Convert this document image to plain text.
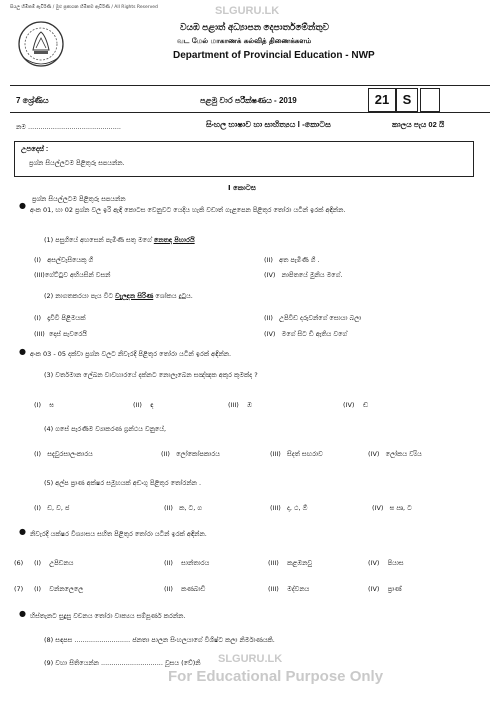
සියලු හිමිකම් ඇවිරිණි / මුළු ප්‍රකාශන හිමිකම ඇවිරිණි / All Rights Reserved	SLGURU.LK
වයඹ පළාත් අධ්‍යාපන දෙපාර්තමේන්තුව
வட மேல் மாகாணக் கல்வித் திணைக்களம்
Department of Provincial Education - NWP
7 ශ්‍රේණිය	පළමු වාර පරීක්ෂණය - 2019	21	S
නම .............................................	සිංහල භාෂාව හා සාහිත්‍යය I -කොටස	කාලය පැය 02 යි
උපදෙස් :
ප්‍රශ්න සියල්ලටම පිළිතුරු සපයන්න.
I කොටස
ප්‍රශ්න සියල්ලටම පිළිතුරු සපයන්න
● අංක 01, හා 02 ප්‍රශ්න වල ඉරි ඇඳි කොටස වෙනුවට යෙදිය හැකි වඩාත් ගැළපෙන පිළිතුර තෝරා යටින් ඉරක් අඳින්න.
(1) පසුගියේ අහසෙන් පැමිණි සතු මගේ නෙතඳ පිහාරයි
(I) අසල්වැසියෙකු ගී	(II) අත පැමිණි ගී .
(III)ගේට්ටුව අභියසින් වසන්	(IV) නාපිතයේ මුනිය මගේ.
(2) නාගතකරයා පැය විට වැලඳන සිරිණ ශෝකය දුටුය.
(I) දෑවිවි පිළිමයක්	(II) උපිවිඩ දරුවන්ගේ සොයා බලා
(III) දොස් පැවරෙයි	(IV) මගේ සිට ඩී ඇතිය වගේ
● අංක 03 - 05 දක්වා ප්‍රශ්න වලට නිවැරදි පිළිතුර තෝරා යටින් ඉරක් අඳින්න.
(3) වර්තමාන ලේඛන වාවහාරයේ දක්නට නොලැබෙන සඤ්ඤක අකුර කුමක්ද ?
(I) ඝ	(II) ඳ	(III) ඹ	(IV) ඬ
(4) ගසේ පැරණිම ව්‍යාකරණ ග්‍රන්ථය වනුයේ,
(I) සදැවුරසාලංකාරය	(II) ලෝකෝපකාරය	(III) සිදත් සඟරාව	(IV) ලෝකය ව්‍යිය
(5) අල්ප ප්‍රාණ අක්ෂර සමූහයක් අඩංගු පිළිතුර තෝරන්න .
(I) ඩ, ව, ජ	(II) ක, ට, ග	(III) ද, ථ, ඕ	(IV) ඝ ඍ, ට
● නිවැරදි යක්ෂර විශ්‍යාසය සහිත පිළිතුර තෝරා යටින් ඉරක් අඳින්න.
(6) (I) උපිඩනය	(II) සාන්තාරය	(III) කළඹනවු	(IV) පියාස
(7) (I) වන්නලෙලෙ	(II) කණබාඩි	(III) මද්වනය	(IV) ප්‍රාණ්
● හිස්තැනට සුදුසු වචනය තෝරා වාක්‍යය සම්පූර්ණ කරන්න.
(8) සඳපස ........................... ජනතා පාලන සිංහලයාගේ විශිෂ්ට කලා නිර්මාණයකි.
(9) වහා සිතියෙන්න .............................. වූසය (වේ)නි SLGURU.LK
For Educational Purpose Only
